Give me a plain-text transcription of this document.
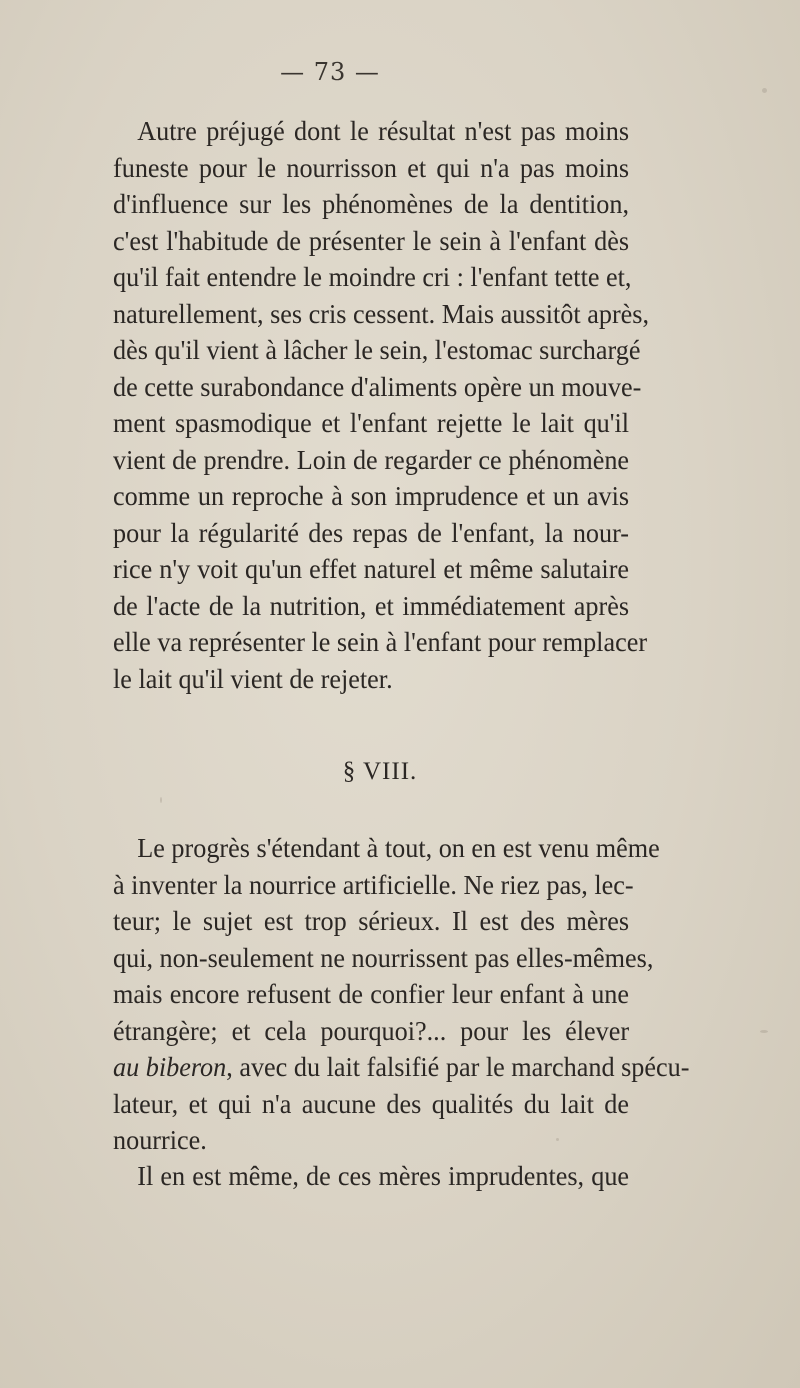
— 73 —
Autre préjugé dont le résultat n'est pas moins
funeste pour le nourrisson et qui n'a pas moins
d'influence sur les phénomènes de la dentition,
c'est l'habitude de présenter le sein à l'enfant dès
qu'il fait entendre le moindre cri : l'enfant tette et,
naturellement, ses cris cessent. Mais aussitôt après,
dès qu'il vient à lâcher le sein, l'estomac surchargé
de cette surabondance d'aliments opère un mouve-
ment spasmodique et l'enfant rejette le lait qu'il
vient de prendre. Loin de regarder ce phénomène
comme un reproche à son imprudence et un avis
pour la régularité des repas de l'enfant, la nour-
rice n'y voit qu'un effet naturel et même salutaire
de l'acte de la nutrition, et immédiatement après
elle va représenter le sein à l'enfant pour remplacer
le lait qu'il vient de rejeter.
§ VIII.
Le progrès s'étendant à tout, on en est venu même
à inventer la nourrice artificielle. Ne riez pas, lec-
teur; le sujet est trop sérieux. Il est des mères
qui, non-seulement ne nourrissent pas elles-mêmes,
mais encore refusent de confier leur enfant à une
étrangère; et cela pourquoi?... pour les élever
au biberon, avec du lait falsifié par le marchand spécu-
lateur, et qui n'a aucune des qualités du lait de
nourrice.
Il en est même, de ces mères imprudentes, que
